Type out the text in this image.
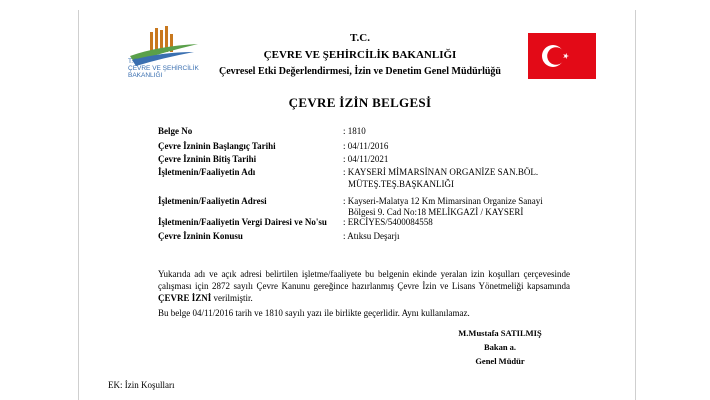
T.C.
ÇEVRE VE ŞEHİRCİLİK
BAKANLIĞI
T.C.
ÇEVRE VE ŞEHİRCİLİK BAKANLIĞI
Çevresel Etki Değerlendirmesi, İzin ve Denetim Genel Müdürlüğü
ÇEVRE İZİN BELGESİ
Belge No	: 1810
Çevre İzninin Başlangıç Tarihi	: 04/11/2016
Çevre İzninin Bitiş Tarihi	: 04/11/2021
İşletmenin/Faaliyetin Adı	: KAYSERİ MİMARSİNAN ORGANİZE SAN.BÖL.
MÜTEŞ.TEŞ.BAŞKANLIĞI
İşletmenin/Faaliyetin Adresi	: Kayseri-Malatya 12 Km Mimarsinan Organize Sanayi
Bölgesi 9. Cad No:18 MELİKGAZİ / KAYSERİ
İşletmenin/Faaliyetin Vergi Dairesi ve No'su	: ERCİYES/5400084558
Çevre İzninin Konusu	: Atıksu Deşarjı
Yukarıda adı ve açık adresi belirtilen işletme/faaliyete bu belgenin ekinde yeralan izin koşulları çerçevesinde çalışması için 2872 sayılı Çevre Kanunu gereğince hazırlanmış Çevre İzin ve Lisans Yönetmeliği kapsamında ÇEVRE İZNİ verilmiştir.
Bu belge 04/11/2016 tarih ve 1810 sayılı yazı ile birlikte geçerlidir. Aynı kullanılamaz.
M.Mustafa SATILMIŞ
Bakan a.
Genel Müdür
EK: İzin Koşulları
